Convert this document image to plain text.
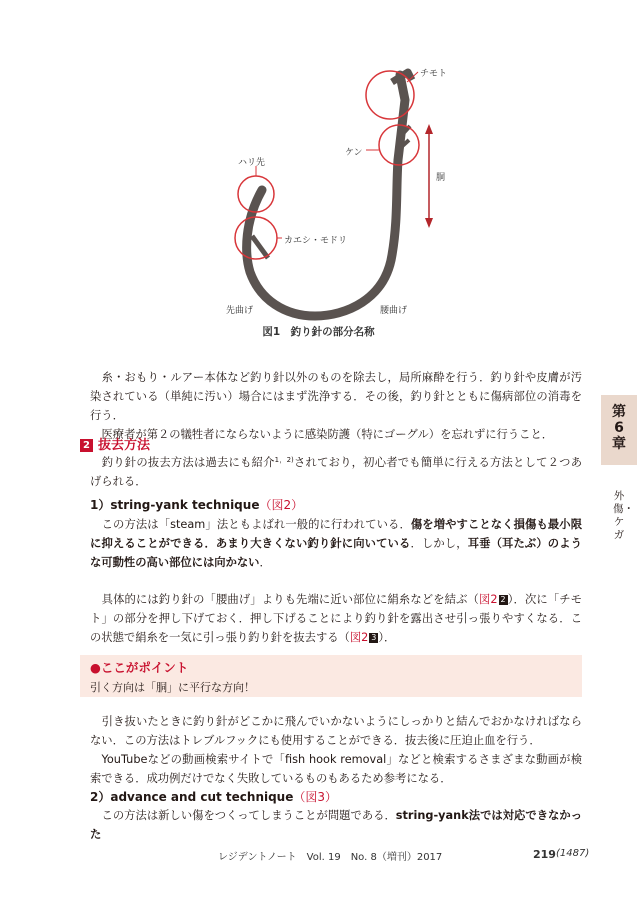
チモト
ケン
ハリ先
カエシ・モドリ
胴
先曲げ	腰曲げ
図1　釣り針の部分名称
糸・おもり・ルアー本体など釣り針以外のものを除去し，局所麻酔を行う．釣り針や皮膚が汚染されている（単純に汚い）場合にはまず洗浄する．その後，釣り針とともに傷病部位の消毒を行う．
医療者が第２の犠牲者にならないように感染防護（特にゴーグル）を忘れずに行うこと．
2 抜去方法
釣り針の抜去方法は過去にも紹介$^{1,2)}$されており，初心者でも簡単に行える方法として２つあげられる．
1）string-yank technique（図2）
この方法は「steam」法ともよばれ一般的に行われている．傷を増やすことなく損傷も最小限に抑えることができる．あまり大きくない釣り針に向いている．しかし，耳垂（耳たぶ）のような可動性の高い部位には向かない．
具体的には釣り針の「腰曲げ」よりも先端に近い部位に絹糸などを結ぶ（図2 2 ）．次に「チモト」の部分を押し下げておく．押し下げることにより釣り針を露出させ引っ張りやすくなる．この状態で絹糸を一気に引っ張り釣り針を抜去する（図2 3 ）．
●ここがポイント
引く方向は「胴」に平行な方向！
引き抜いたときに釣り針がどこかに飛んでいかないようにしっかりと結んでおかなければならない．この方法はトレブルフックにも使用することができる．抜去後に圧迫止血を行う．
YouTubeなどの動画検索サイトで「fish hook removal」などと検索するさまざまな動画が検索できる．成功例だけでなく失敗しているものもあるため参考になる．
2）advance and cut technique（図3）
この方法は新しい傷をつくってしまうことが問題である．string-yank法では対応できなかった
第6章
外傷・ケガ
レジデントノート　Vol. 19　No. 8（増刊）2017	219 (1487)
